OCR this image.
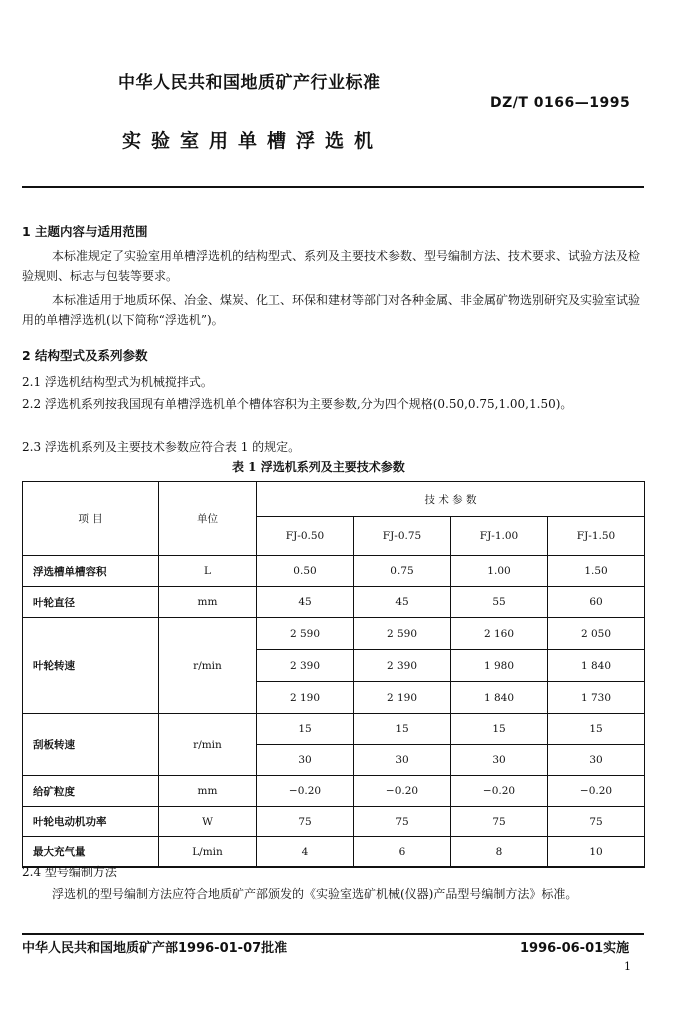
中华人民共和国地质矿产行业标准
DZ/T 0166—1995
实验室用单槽浮选机
1 主题内容与适用范围
本标准规定了实验室用单槽浮选机的结构型式、系列及主要技术参数、型号编制方法、技术要求、试验方法及检验规则、标志与包装等要求。
本标准适用于地质环保、冶金、煤炭、化工、环保和建材等部门对各种金属、非金属矿物选别研究及实验室试验用的单槽浮选机(以下简称“浮选机”)。
2 结构型式及系列参数
2.1 浮选机结构型式为机械搅拌式。
2.2 浮选机系列按我国现有单槽浮选机单个槽体容积为主要参数,分为四个规格(0.50,0.75,1.00,1.50)。
2.3 浮选机系列及主要技术参数应符合表 1 的规定。
表 1 浮选机系列及主要技术参数
项 目	单位	技 术 参 数			
		FJ-0.50	FJ-0.75	FJ-1.00	FJ-1.50
浮选槽单槽容积	L	0.50	0.75	1.00	1.50
叶轮直径	mm	45	45	55	60
叶轮转速	r/min	2 590	2 590	2 160	2 050
		2 390	2 390	1 980	1 840
		2 190	2 190	1 840	1 730
刮板转速	r/min	15	15	15	15
		30	30	30	30
给矿粒度	mm	−0.20	−0.20	−0.20	−0.20
叶轮电动机功率	W	75	75	75	75
最大充气量	L/min	4	6	8	10
2.4 型号编制方法
浮选机的型号编制方法应符合地质矿产部颁发的《实验室选矿机械(仪器)产品型号编制方法》标准。
中华人民共和国地质矿产部1996-01-07批准	1996-06-01实施
1
